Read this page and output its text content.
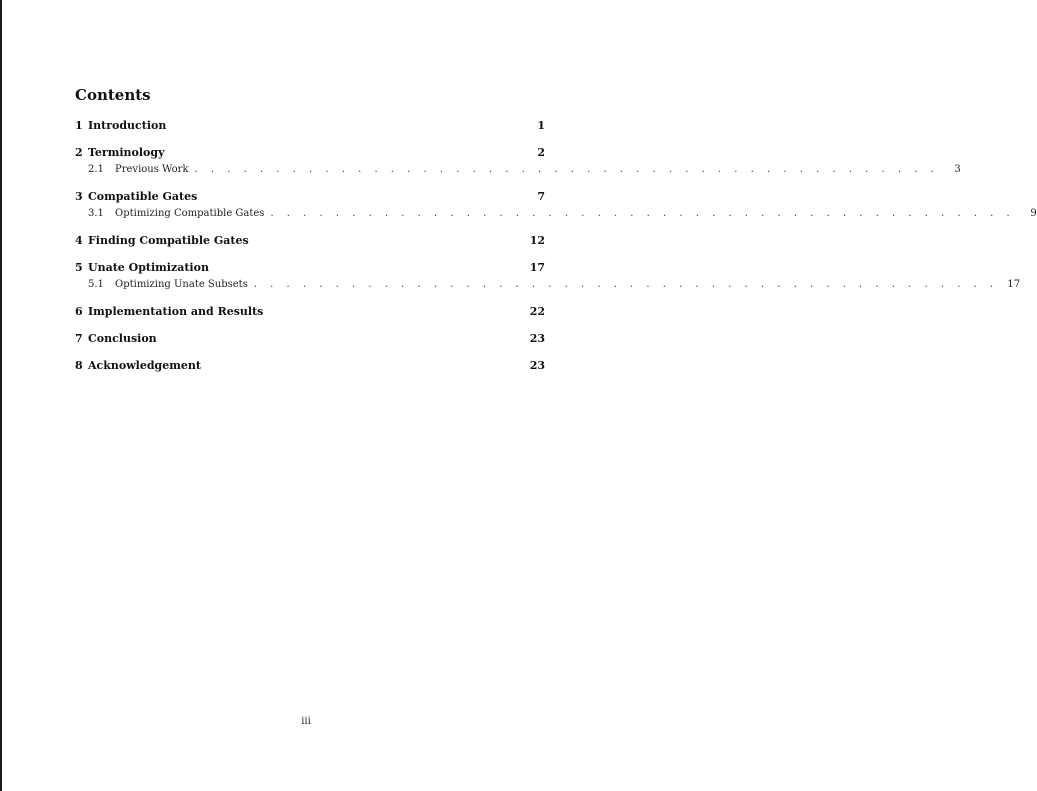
Contents
1 Introduction	1
2 Terminology	2
2.1	Previous Work . . . . . . . . . . . . . . . . . . . . . . . . . . . . . . . . . . . . . . . . . . . . . .	3
3 Compatible Gates	7
3.1	Optimizing Compatible Gates . . . . . . . . . . . . . . . . . . . . . . . . . . . . . . . . . . . . . . . . . . . . . .	9
4 Finding Compatible Gates	12
5 Unate Optimization	17
5.1	Optimizing Unate Subsets . . . . . . . . . . . . . . . . . . . . . . . . . . . . . . . . . . . . . . . . . . . . . . 17
6 Implementation and Results	22
7 Conclusion	23
8 Acknowledgement	23
iii
